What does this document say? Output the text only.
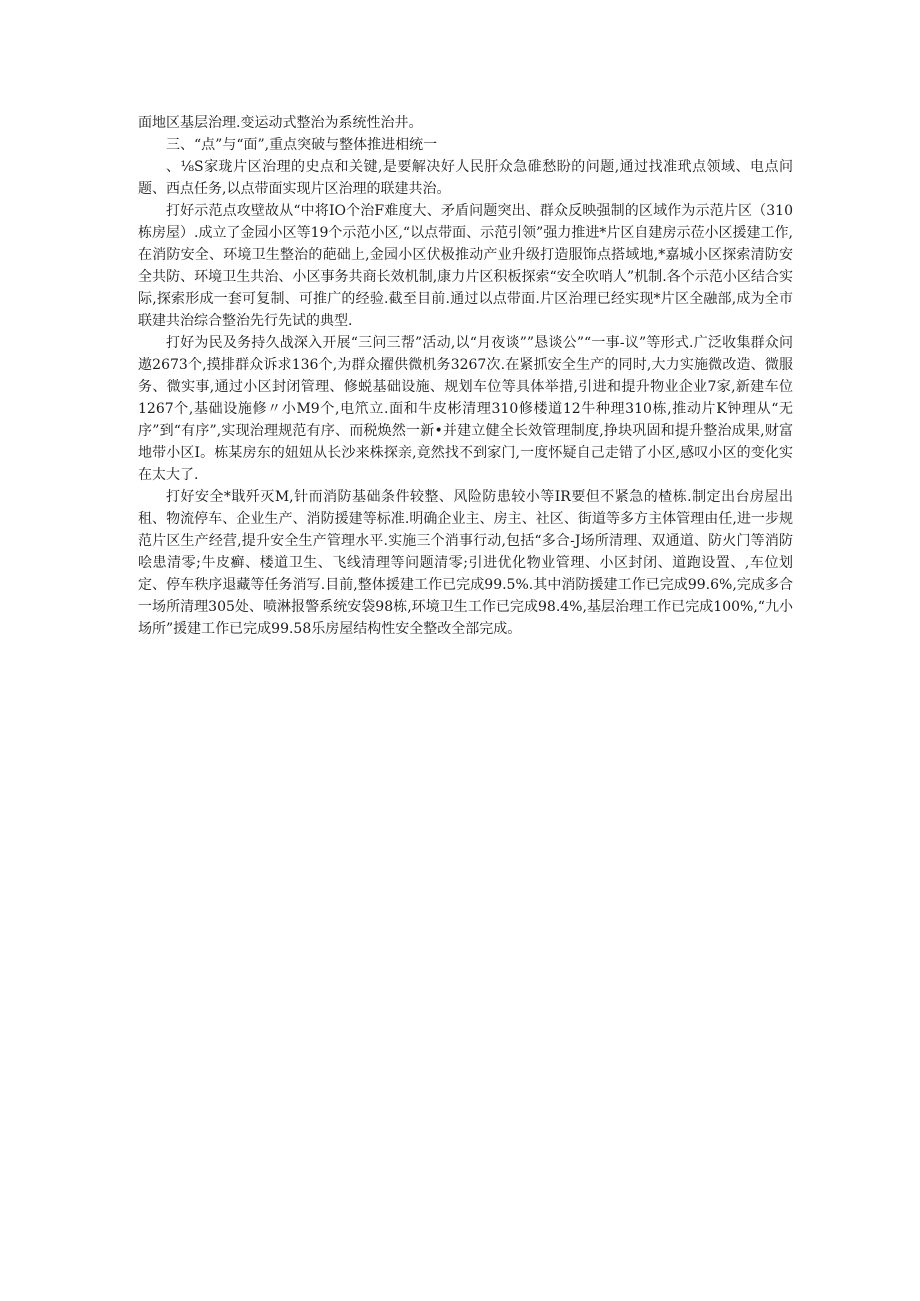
面地区基层治理.变运动式整治为系统性治井。

三、“点”与“面”,重点突破与整体推进相统一

、⅛S家珑片区治理的史点和关键,是要解决好人民肝众急碓愁盼的问题,通过找准玳点领域、电点问题、西点任务,以点带面实现片区治理的联建共治。

打好示范点攻壁故从“中将IO个治F难度大、矛盾问题突出、群众反映强制的区域作为示范片区（310栋房屋）.成立了金园小区等19个示范小区,“以点带面、示范引领”强力推进*片区自建房示莅小区援建工作,在消防安全、环境卫生整治的葩础上,金园小区伏极推动产业升级打造服饰点搭域地,*嘉城小区探索清防安全共防、环境卫生共治、小区事务共商长效机制,康力片区积板探索“安全吹哨人”机制.各个示范小区结合实际,探索形成一套可复制、可推广的经验.截至目前.通过以点带面.片区治理已经实现*片区全融部,成为全市联建共治综合整治先行先试的典型.

打好为民及务持久战深入开展“三问三帮”活动,以“月夜谈””恳谈公”“一事-议”等形式.广泛收集群众问遨2673个,摸排群众诉求136个,为群众擢供微机务3267次.在紧抓安全生产的同时,大力实施微改造、微服务、微实事,通过小区封闭管理、修蜕基础设施、规划车位等具体举措,引进和提升物业企业7家,新建车位1267个,基础设施修〃小M9个,电笊立.面和牛皮彬清理310修楼道12牛种理310栋,推动片K钟理从“无序”到“有序”,实现治理规范有序、而税焕然一新•并建立健全长效管理制度,挣块巩固和提升整治成果,财富地带小区I。栋某房东的妞妞从长沙来株探亲,竟然找不到家门,一度怀疑自己走错了小区,感叹小区的变化实在太大了.

打好安全*戢歼灭M,针而消防基础条件较整、风险防患较小等IR要但不紧急的楂栋.制定出台房屋出租、物流停车、企业生产、消防援建等标准.明确企业主、房主、社区、街道等多方主体管理由任,进一步规范片区生产经营,提升安全生产管理水平.实施三个消事行动,包括“多合-J场所清理、双通道、防火门等消防哙患清零;牛皮癣、楼道卫生、飞线清理等问题清零;引进优化物业管理、小区封闭、道跑设置、,车位划定、停车秩序退藏等任务消写.目前,整体援建工作已完成99.5%.其中消防援建工作已完成99.6%,完成多合一场所清理305处、喷淋报警系统安袋98栋,环境卫生工作已完成98.4%,基层治理工作已完成100%,“九小场所”援建工作已完成99.58乐房屋结构性安全整改全部完成。
